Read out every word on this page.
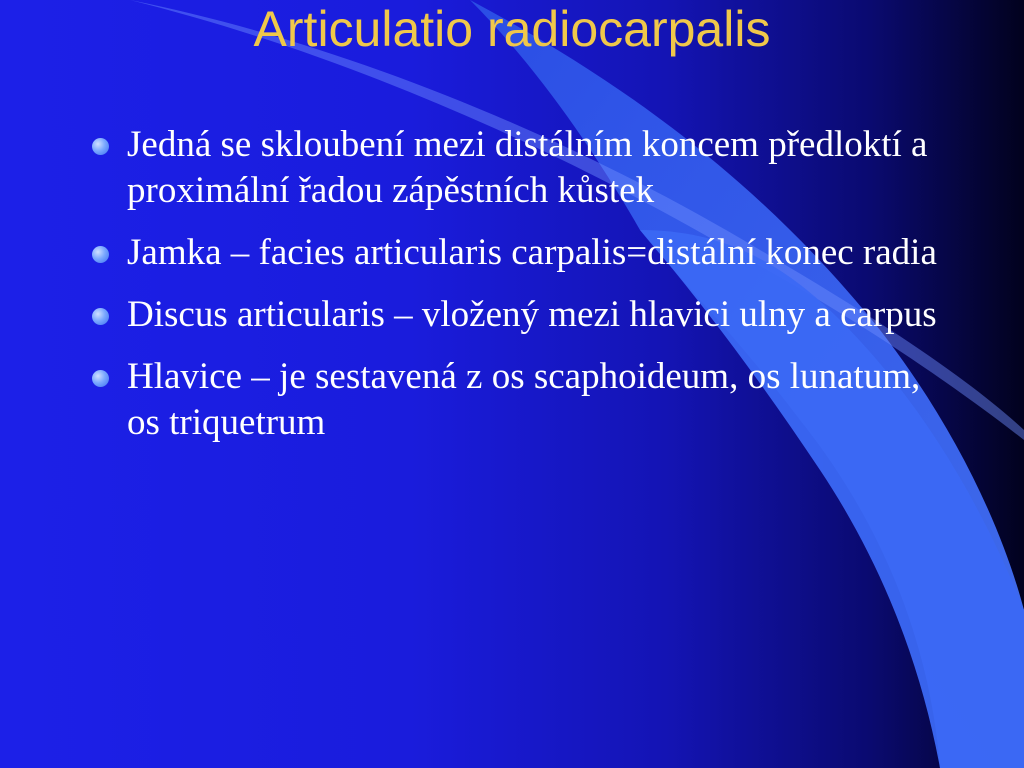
Articulatio radiocarpalis
Jedná se skloubení mezi distálním koncem předloktí a proximální řadou zápěstních kůstek
Jamka – facies articularis carpalis=distální konec radia
Discus articularis – vložený mezi hlavici ulny a carpus
Hlavice – je sestavená z os scaphoideum, os lunatum, os triquetrum
